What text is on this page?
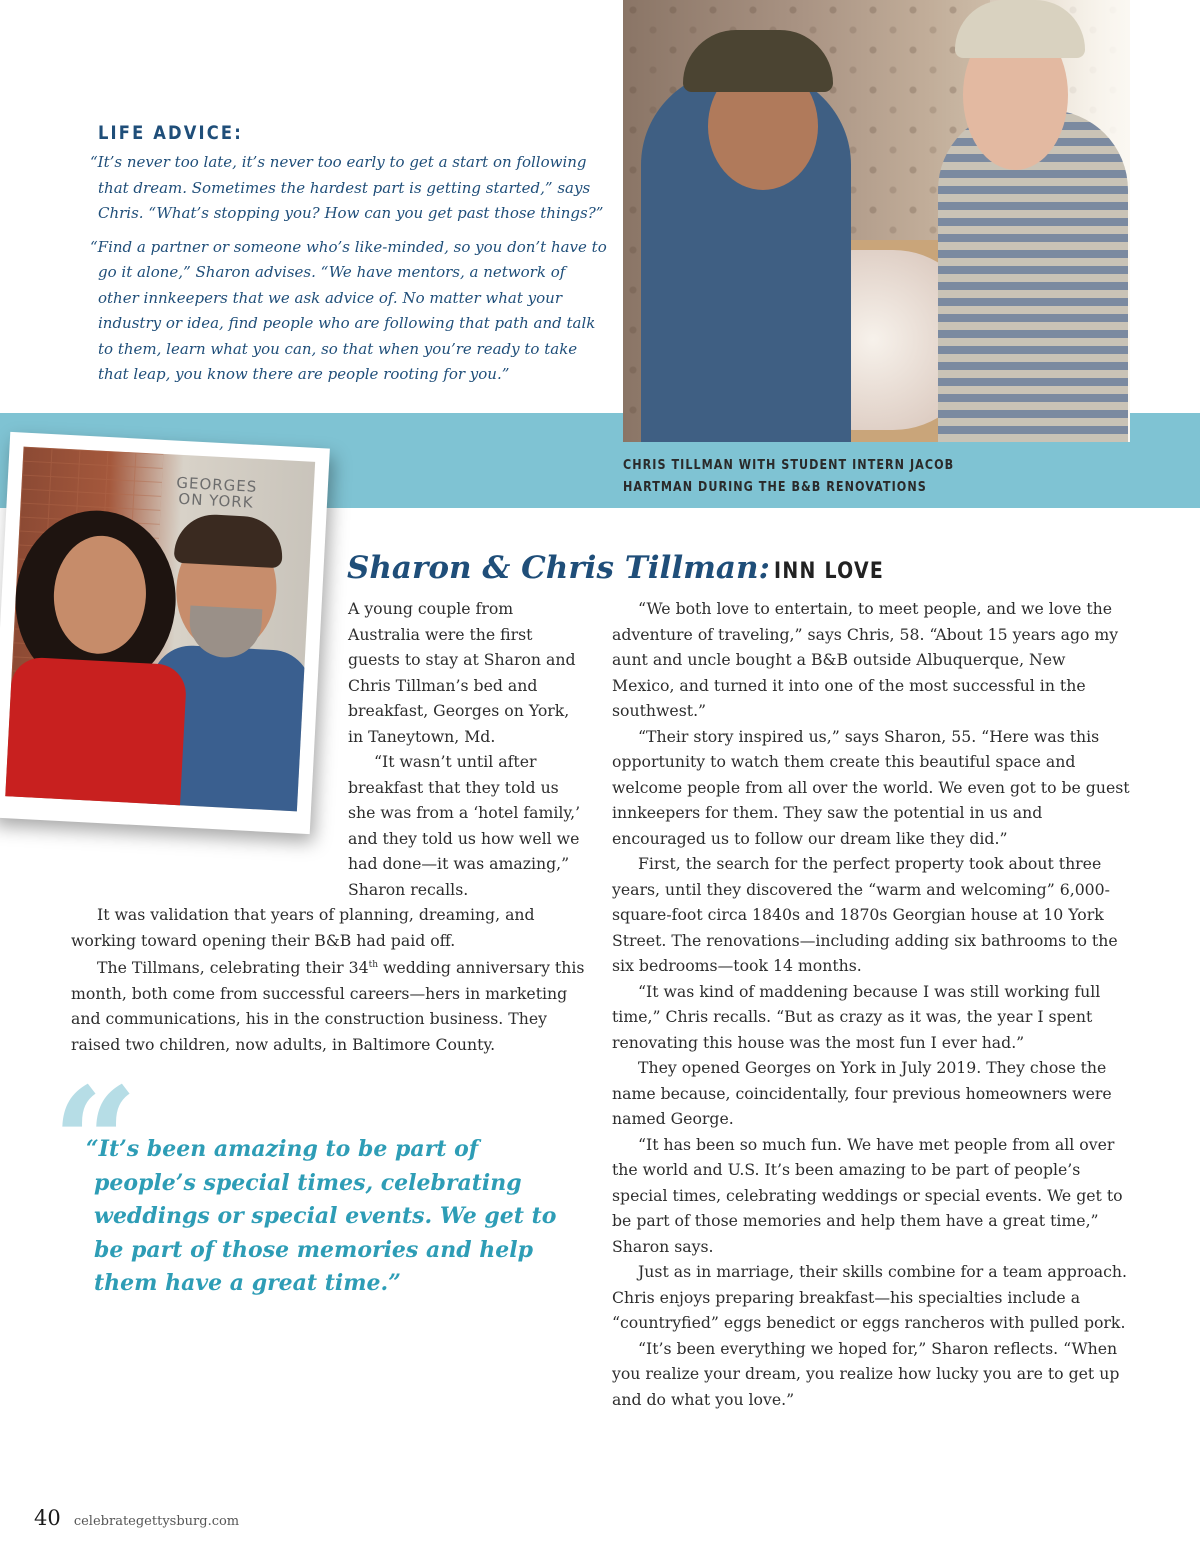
LIFE ADVICE:

“It’s never too late, it’s never too early to get a start on following that dream. Sometimes the hardest part is getting started,” says Chris. “What’s stopping you? How can you get past those things?”

“Find a partner or someone who’s like-minded, so you don’t have to go it alone,” Sharon advises. “We have mentors, a network of other innkeepers that we ask advice of. No matter what your industry or idea, find people who are following that path and talk to them, learn what you can, so that when you’re ready to take that leap, you know there are people rooting for you.”

CHRIS TILLMAN WITH STUDENT INTERN JACOB HARTMAN DURING THE B&B RENOVATIONS
GEORGES
ON YORK
Sharon & Chris Tillman: INN LOVE

A young couple from Australia were the first guests to stay at Sharon and Chris Tillman’s bed and breakfast, Georges on York, in Taneytown, Md.

“It wasn’t until after breakfast that they told us she was from a ‘hotel family,’ and they told us how well we had done—it was amazing,” Sharon recalls.

It was validation that years of planning, dreaming, and working toward opening their B&B had paid off.

The Tillmans, celebrating their 34th wedding anniversary this month, both come from successful careers—hers in marketing and communications, his in the construction business. They raised two children, now adults, in Baltimore County.

“
“It’s been amazing to be part of people’s special times, celebrating weddings or special events. We get to be part of those memories and help them have a great time.”

“We both love to entertain, to meet people, and we love the adventure of traveling,” says Chris, 58. “About 15 years ago my aunt and uncle bought a B&B outside Albuquerque, New Mexico, and turned it into one of the most successful in the southwest.”

“Their story inspired us,” says Sharon, 55. “Here was this opportunity to watch them create this beautiful space and welcome people from all over the world. We even got to be guest innkeepers for them. They saw the potential in us and encouraged us to follow our dream like they did.”

First, the search for the perfect property took about three years, until they discovered the “warm and welcoming” 6,000-square-foot circa 1840s and 1870s Georgian house at 10 York Street. The renovations—including adding six bathrooms to the six bedrooms—took 14 months.

“It was kind of maddening because I was still working full time,” Chris recalls. “But as crazy as it was, the year I spent renovating this house was the most fun I ever had.”

They opened Georges on York in July 2019. They chose the name because, coincidentally, four previous homeowners were named George.

“It has been so much fun. We have met people from all over the world and U.S. It’s been amazing to be part of people’s special times, celebrating weddings or special events. We get to be part of those memories and help them have a great time,” Sharon says.

Just as in marriage, their skills combine for a team approach. Chris enjoys preparing breakfast—his specialties include a “countryfied” eggs benedict or eggs rancheros with pulled pork.

“It’s been everything we hoped for,” Sharon reflects. “When you realize your dream, you realize how lucky you are to get up and do what you love.”

40 celebrategettysburg.com
